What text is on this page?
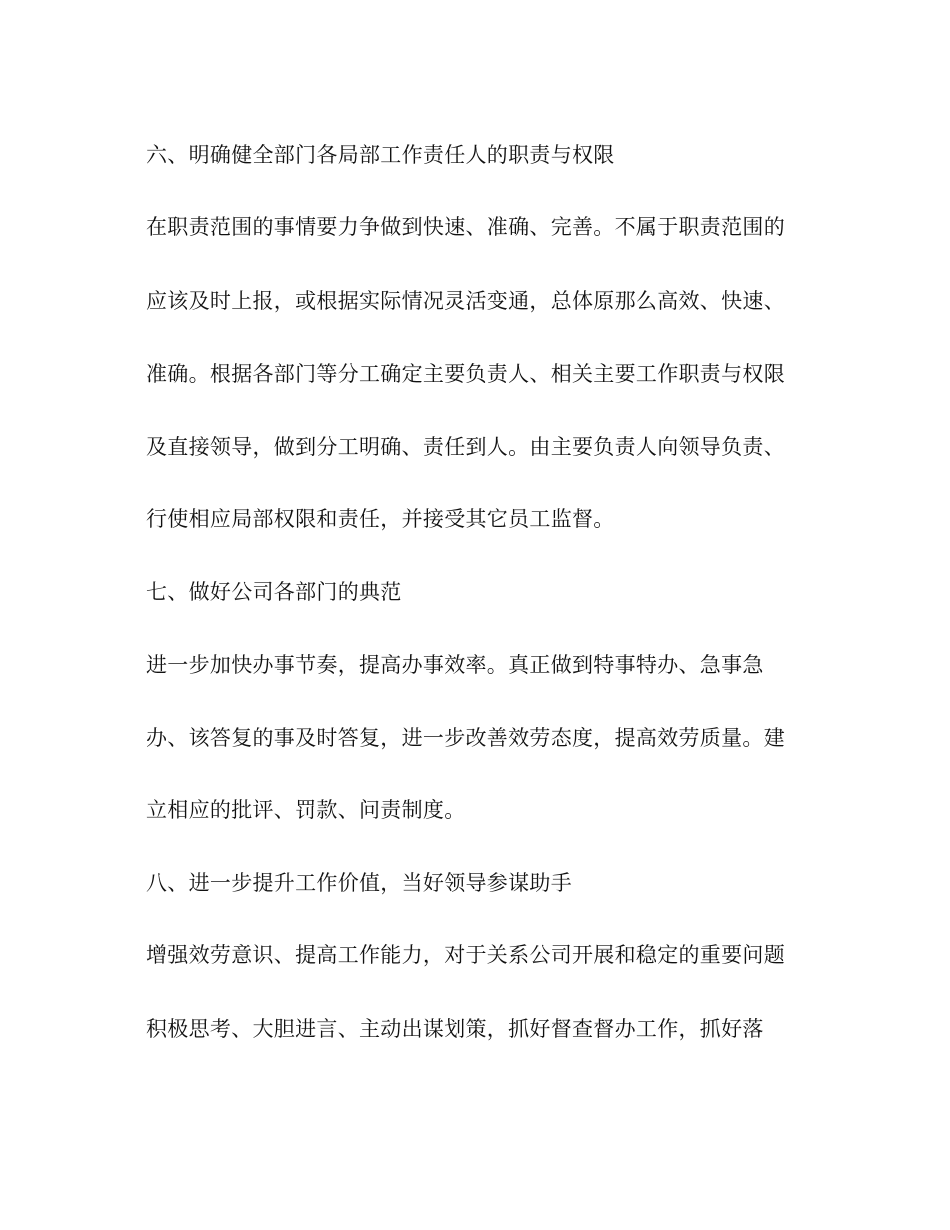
六、明确健全部门各局部工作责任人的职责与权限
在职责范围的事情要力争做到快速、准确、完善。不属于职责范围的
应该及时上报，或根据实际情况灵活变通，总体原那么高效、快速、
准确。根据各部门等分工确定主要负责人、相关主要工作职责与权限
及直接领导，做到分工明确、责任到人。由主要负责人向领导负责、
行使相应局部权限和责任，并接受其它员工监督。
七、做好公司各部门的典范
进一步加快办事节奏，提高办事效率。真正做到特事特办、急事急
办、该答复的事及时答复，进一步改善效劳态度，提高效劳质量。建
立相应的批评、罚款、问责制度。
八、进一步提升工作价值，当好领导参谋助手
增强效劳意识、提高工作能力，对于关系公司开展和稳定的重要问题
积极思考、大胆进言、主动出谋划策，抓好督查督办工作，抓好落
